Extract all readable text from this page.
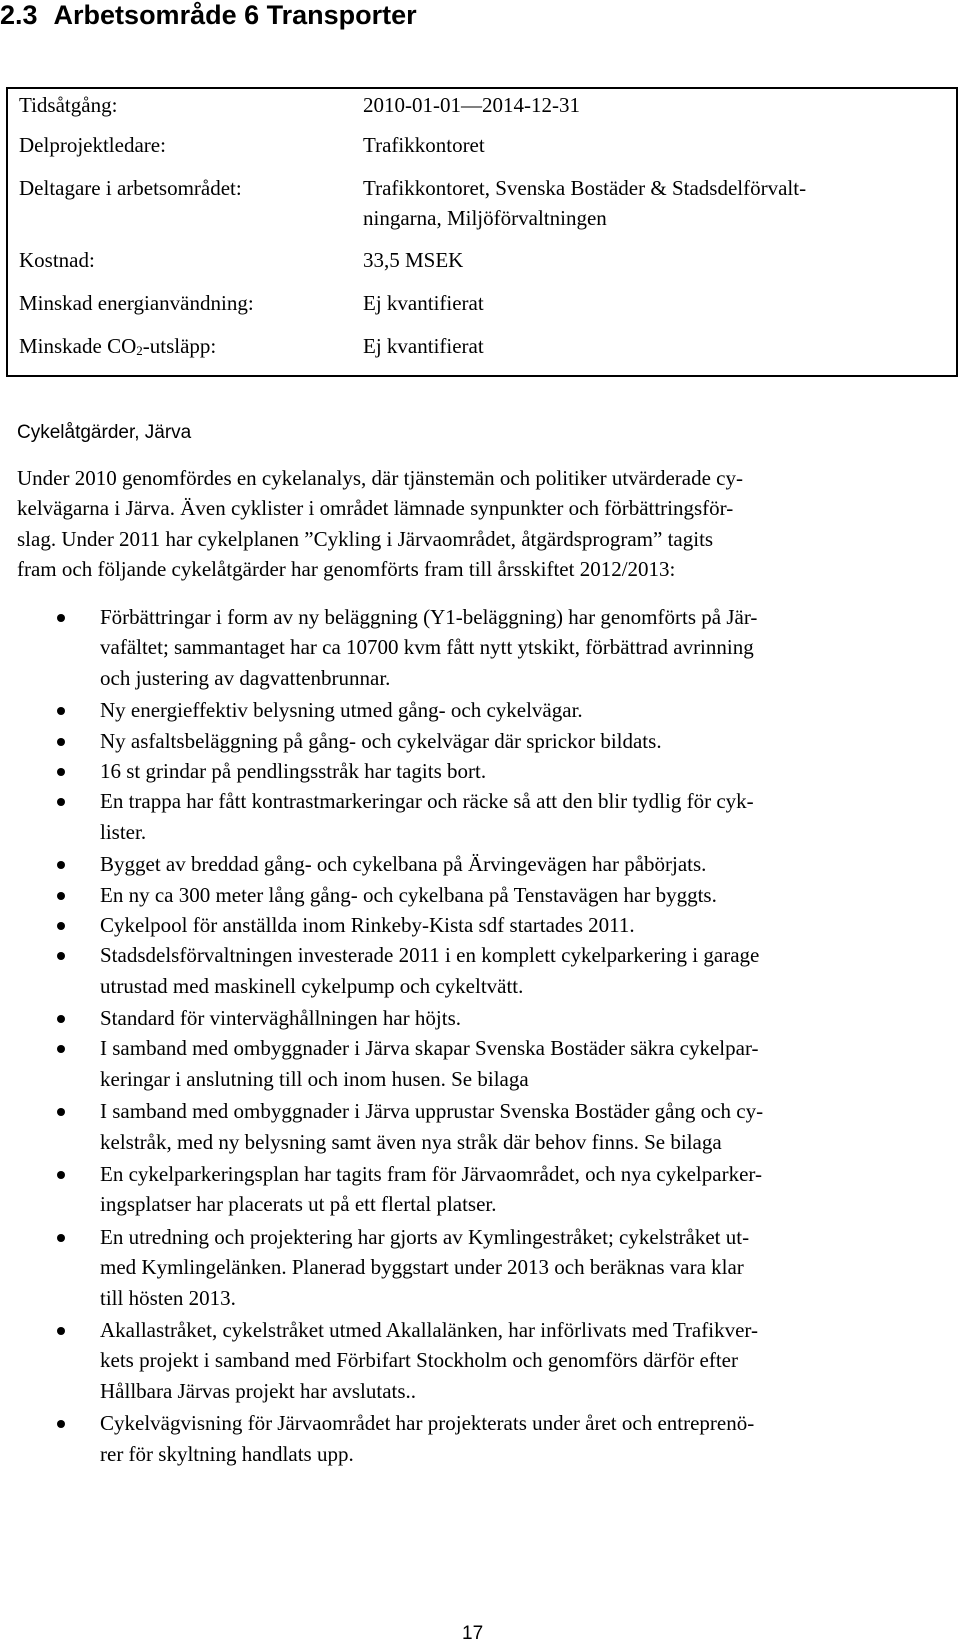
2.3 Arbetsområde 6 Transporter
Tidsåtgång:	2010-01-01—2014-12-31
Delprojektledare:	Trafikkontoret
Deltagare i arbetsområdet:	Trafikkontoret, Svenska Bostäder & Stadsdelförvalt-
ningarna, Miljöförvaltningen
Kostnad:	33,5 MSEK
Minskad energianvändning:	Ej kvantifierat
Minskade $CO_2$-utsläpp:	Ej kvantifierat
Cykelåtgärder, Järva
Under 2010 genomfördes en cykelanalys, där tjänstemän och politiker utvärderade cy-
kelvägarna i Järva. Även cyklister i området lämnade synpunkter och förbättringsför-
slag. Under 2011 har cykelplanen ”Cykling i Järvaområdet, åtgärdsprogram” tagits
fram och följande cykelåtgärder har genomförts fram till årsskiftet 2012/2013:
Förbättringar i form av ny beläggning (Y1-beläggning) har genomförts på Jär-
vafältet; sammantaget har ca 10700 kvm fått nytt ytskikt, förbättrad avrinning
och justering av dagvattenbrunnar.
Ny energieffektiv belysning utmed gång- och cykelvägar.
Ny asfaltsbeläggning på gång- och cykelvägar där sprickor bildats.
16 st grindar på pendlingsstråk har tagits bort.
En trappa har fått kontrastmarkeringar och räcke så att den blir tydlig för cyk-
lister.
Bygget av breddad gång- och cykelbana på Ärvingevägen har påbörjats.
En ny ca 300 meter lång gång- och cykelbana på Tenstavägen har byggts.
Cykelpool för anställda inom Rinkeby-Kista sdf startades 2011.
Stadsdelsförvaltningen investerade 2011 i en komplett cykelparkering i garage
utrustad med maskinell cykelpump och cykeltvätt.
Standard för vinterväghållningen har höjts.
I samband med ombyggnader i Järva skapar Svenska Bostäder säkra cykelpar-
keringar i anslutning till och inom husen. Se bilaga
I samband med ombyggnader i Järva upprustar Svenska Bostäder gång och cy-
kelstråk, med ny belysning samt även nya stråk där behov finns. Se bilaga
En cykelparkeringsplan har tagits fram för Järvaområdet, och nya cykelparker-
ingsplatser har placerats ut på ett flertal platser.
En utredning och projektering har gjorts av Kymlingestråket; cykelstråket ut-
med Kymlingelänken. Planerad byggstart under 2013 och beräknas vara klar
till hösten 2013.
Akallastråket, cykelstråket utmed Akallalänken, har införlivats med Trafikver-
kets projekt i samband med Förbifart Stockholm och genomförs därför efter
Hållbara Järvas projekt har avslutats..
Cykelvägvisning för Järvaområdet har projekterats under året och entreprenö-
rer för skyltning handlats upp.
17
